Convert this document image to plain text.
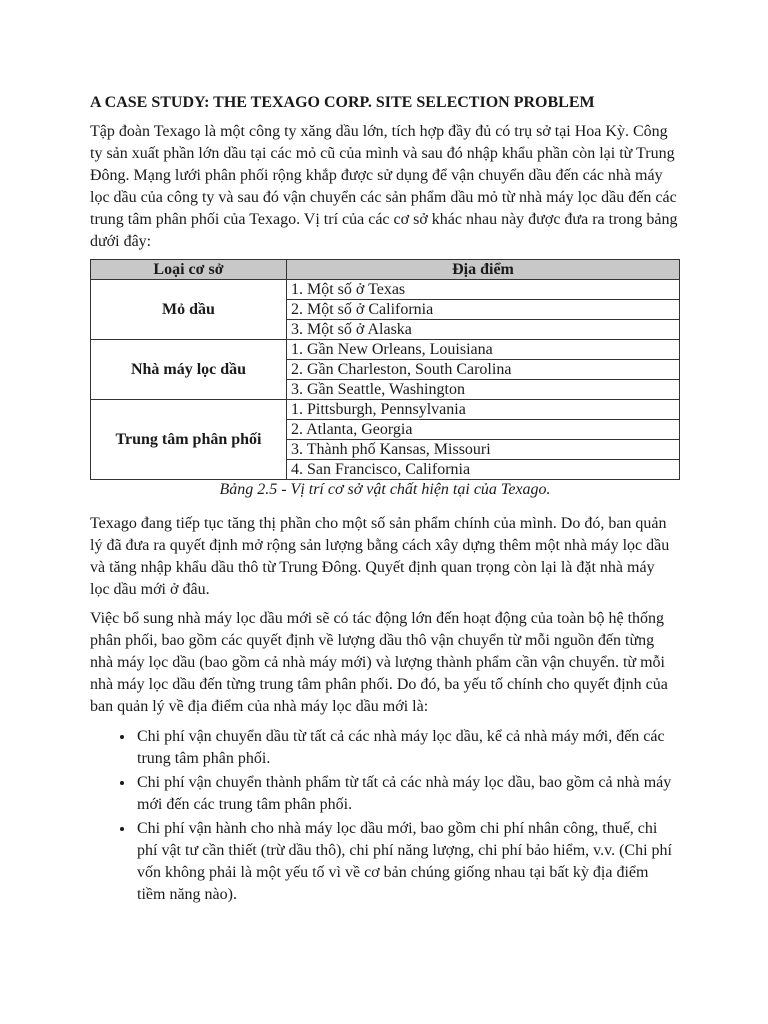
A CASE STUDY: THE TEXAGO CORP. SITE SELECTION PROBLEM

Tập đoàn Texago là một công ty xăng dầu lớn, tích hợp đầy đủ có trụ sở tại Hoa Kỳ. Công ty sản xuất phần lớn dầu tại các mỏ cũ của mình và sau đó nhập khẩu phần còn lại từ Trung Đông. Mạng lưới phân phối rộng khắp được sử dụng để vận chuyển dầu đến các nhà máy lọc dầu của công ty và sau đó vận chuyển các sản phẩm dầu mỏ từ nhà máy lọc dầu đến các trung tâm phân phối của Texago. Vị trí của các cơ sở khác nhau này được đưa ra trong bảng dưới đây:

Loại cơ sở	Địa điểm
Mỏ dầu	1. Một số ở Texas
	2. Một số ở California
	3. Một số ở Alaska
Nhà máy lọc dầu	1. Gần New Orleans, Louisiana
	2. Gần Charleston, South Carolina
	3. Gần Seattle, Washington
Trung tâm phân phối	1. Pittsburgh, Pennsylvania
	2. Atlanta, Georgia
	3. Thành phố Kansas, Missouri
	4. San Francisco, California

Bảng 2.5 - Vị trí cơ sở vật chất hiện tại của Texago.

Texago đang tiếp tục tăng thị phần cho một số sản phẩm chính của mình. Do đó, ban quản lý đã đưa ra quyết định mở rộng sản lượng bằng cách xây dựng thêm một nhà máy lọc dầu và tăng nhập khẩu dầu thô từ Trung Đông. Quyết định quan trọng còn lại là đặt nhà máy lọc dầu mới ở đâu.

Việc bổ sung nhà máy lọc dầu mới sẽ có tác động lớn đến hoạt động của toàn bộ hệ thống phân phối, bao gồm các quyết định về lượng dầu thô vận chuyển từ mỗi nguồn đến từng nhà máy lọc dầu (bao gồm cả nhà máy mới) và lượng thành phẩm cần vận chuyển. từ mỗi nhà máy lọc dầu đến từng trung tâm phân phối. Do đó, ba yếu tố chính cho quyết định của ban quản lý về địa điểm của nhà máy lọc dầu mới là:

• Chi phí vận chuyển dầu từ tất cả các nhà máy lọc dầu, kể cả nhà máy mới, đến các trung tâm phân phối.
• Chi phí vận chuyển thành phẩm từ tất cả các nhà máy lọc dầu, bao gồm cả nhà máy mới đến các trung tâm phân phối.
• Chi phí vận hành cho nhà máy lọc dầu mới, bao gồm chi phí nhân công, thuế, chi phí vật tư cần thiết (trừ dầu thô), chi phí năng lượng, chi phí bảo hiểm, v.v. (Chi phí vốn không phải là một yếu tố vì về cơ bản chúng giống nhau tại bất kỳ địa điểm tiềm năng nào).
